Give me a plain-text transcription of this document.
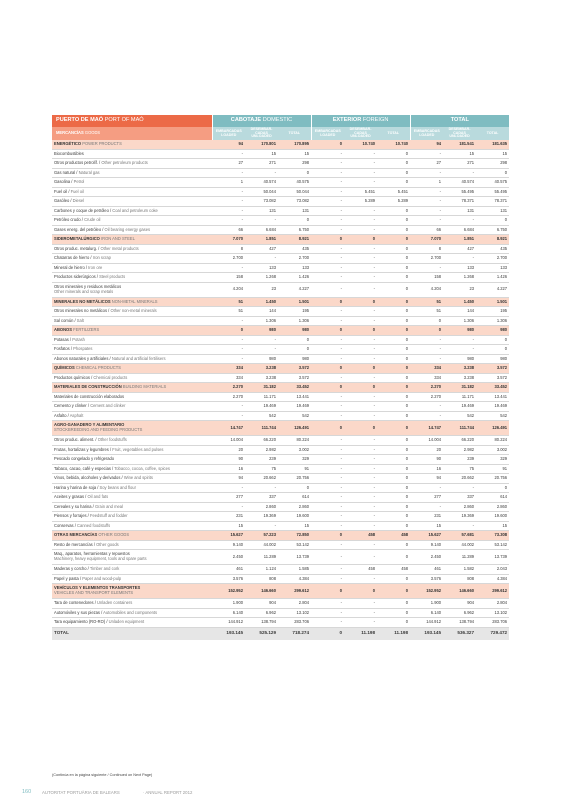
PUERTO DE MAÓ PORT OF MAÓ	CABOTAJE DOMESTIC			EXTERIOR FOREIGN			TOTAL		
MERCANCÍAS GOODS	EMBARCADAS LOADED	DESEMBAR-CADAS UNLOADED	TOTAL	EMBARCADAS LOADED	DESEMBAR-CADAS UNLOADED	TOTAL	EMBARCADAS LOADED	DESEMBAR-CADAS UNLOADED	TOTAL
ENERGÉTICO POWER PRODUCTS	94	170.801	170.895	0	10.740	10.740	94	181.541	181.635
Biocombustibles	-	15	15	-	-	0	-	15	15
Otros productos petrolíf. / Other petroleum products	27	271	298	-	-	0	27	271	298
Gas natural / Natural gas	-	-	0	-	-	0	-	-	0
Gasolina / Petrol	1	40.574	40.575	-	-	0	1	40.574	40.575
Fuel oil / Fuel oil	-	50.044	50.044	-	5.451	5.451	-	55.495	55.495
Gasóleo / Diesel	-	73.082	73.082	-	5.289	5.289	-	78.371	78.371
Carbones y coque de petróleo / Coal and petroleum coke	-	131	131	-	-	0	-	131	131
Petróleo crudo / Crude oil	-	-	0	-	-	0	-	-	0
Gases energ. del petróleo / Oil bearing energy gases	66	6.684	6.750	-	-	0	66	6.684	6.750
SIDEROMETALÚRGICO IRON AND STEEL	7.070	1.851	8.921	0	0	0	7.070	1.851	8.921
Otros produc. metalurg. / Other metal products	8	427	435	-	-	0	8	427	435
Chatarras de hierro / Iron scrap	2.700	-	2.700	-	-	0	2.700	-	2.700
Mineral de hierro / Iron ore	-	133	133	-	-	0	-	133	133
Productos siderúrgicos / Steel products	158	1.268	1.426	-	-	0	158	1.268	1.426
Otros minerales y residuos metálicos
Other minerals and scrap metals	4.204	23	4.227	-	-	0	4.204	23	4.227
MINERALES NO METÁLICOS NON-METAL MINERALS	51	1.450	1.501	0	0	0	51	1.450	1.501
Otros minerales no metálicos / Other non-metal minerals	51	144	195	-	-	0	51	144	195
Sal común / Salt	-	1.306	1.306	-	-	0	0	1.306	1.306
ABONOS FERTILIZERS	0	980	980	0	0	0	0	980	980
Potasas / Potash	-	-	0	-	-	0	-	-	0
Fosfatos / Phospates	-	-	0	-	-	0	-	-	0
Abonos naturales y artificiales / Natural and artificial fertilisers	-	980	980	-	-	0	-	980	980
QUÍMICOS CHEMICAL PRODUCTS	334	3.238	3.572	0	0	0	334	3.238	3.572
Productos químicos / Chemical products	334	3.238	3.572	-	-	0	334	3.238	3.572
MATERIALES DE CONSTRUCCIÓN BUILDING MATERIALS	2.270	31.182	33.452	0	0	0	2.270	31.182	33.452
Materiales de construcción elaborados	2.270	11.171	13.441	-	-	0	2.270	11.171	13.441
Cemento y clinker / Cement and clinker	-	19.469	19.469	-	-	0	-	19.469	19.469
Asfalto / Asphalt	-	542	542	-	-	0	-	542	542
AGRO-GANADERO Y ALIMENTARIO
STOCKBREEDING AND FEEDING PRODUCTS	14.747	111.744	126.491	0	0	0	14.747	111.744	126.491
Otros produc. aliment. / Other foodstuffs	14.004	66.220	80.224	-	-	0	14.004	66.220	80.224
Frutas, hortalizas y legumbres / Fruit, vegetables and pulses	20	2.982	3.002	-	-	0	20	2.982	3.002
Pescado congelado y refrigerado	90	239	329	-	-	0	90	239	329
Tabaco, cacao, café y especias / Tobacco, cocoa, coffee, spices	16	75	91	-	-	0	16	75	91
Vinos, bebida, alcoholes y derivados / Wine and spirits	94	20.662	20.756	-	-	0	94	20.662	20.756
Harina y harina de soja / Soy beans and flour	-	-	0	-	-	0	-	-	0
Aceites y grasas / Oil and fats	277	337	614	-	-	0	277	337	614
Cereales y su harina / Grain and meal	-	2.860	2.860	-	-	0	-	2.860	2.860
Piensos y forrajes / Feedstuff and fodder	231	19.369	19.600	-	-	0	231	19.369	19.600
Conservas / Canned foodstuffs	15	-	15	-	-	0	15	-	15
OTRAS MERCANCÍAS OTHER GOODS	15.627	57.223	72.850	0	458	458	15.627	57.681	73.308
Resto de mercancías / Other goods	9.140	44.002	53.142	-	-	0	9.140	44.002	53.142
Maq., aparatos, herramientas y repuestos
Machinery, heavy equipment, tools and spare parts	2.450	11.289	13.739	-	-	0	2.450	11.289	13.739
Maderas y corcho / Timber and cork	461	1.124	1.585	-	458	458	461	1.582	2.043
Papel y pasta / Paper and wood-pulp	3.576	808	4.384	-	-	0	3.576	808	4.384
VEHÍCULOS Y ELEMENTOS TRANSPORTES
VEHICLES AND TRANSPORT ELEMENTS	152.952	146.660	299.612	0	0	0	152.952	146.660	299.612
Tara de contenedores / Unladen containers	1.900	904	2.804	-	-	0	1.900	904	2.804
Automóviles y sus piezas / Automobiles and components	6.140	6.962	13.102	-	-	0	6.140	6.962	13.102
Tara equipamiento (RO-RO) / Unladen equipment	144.912	138.794	283.706	-	-	0	144.912	138.794	283.706
TOTAL	193.145	525.129	718.274	0	11.198	11.198	193.145	536.327	729.472
(Continúa en la página siguiente / Continued on Next Page)
160	AUTORITAT PORTUÀRIA DE BALEARS	· ANNUAL REPORT 2012
